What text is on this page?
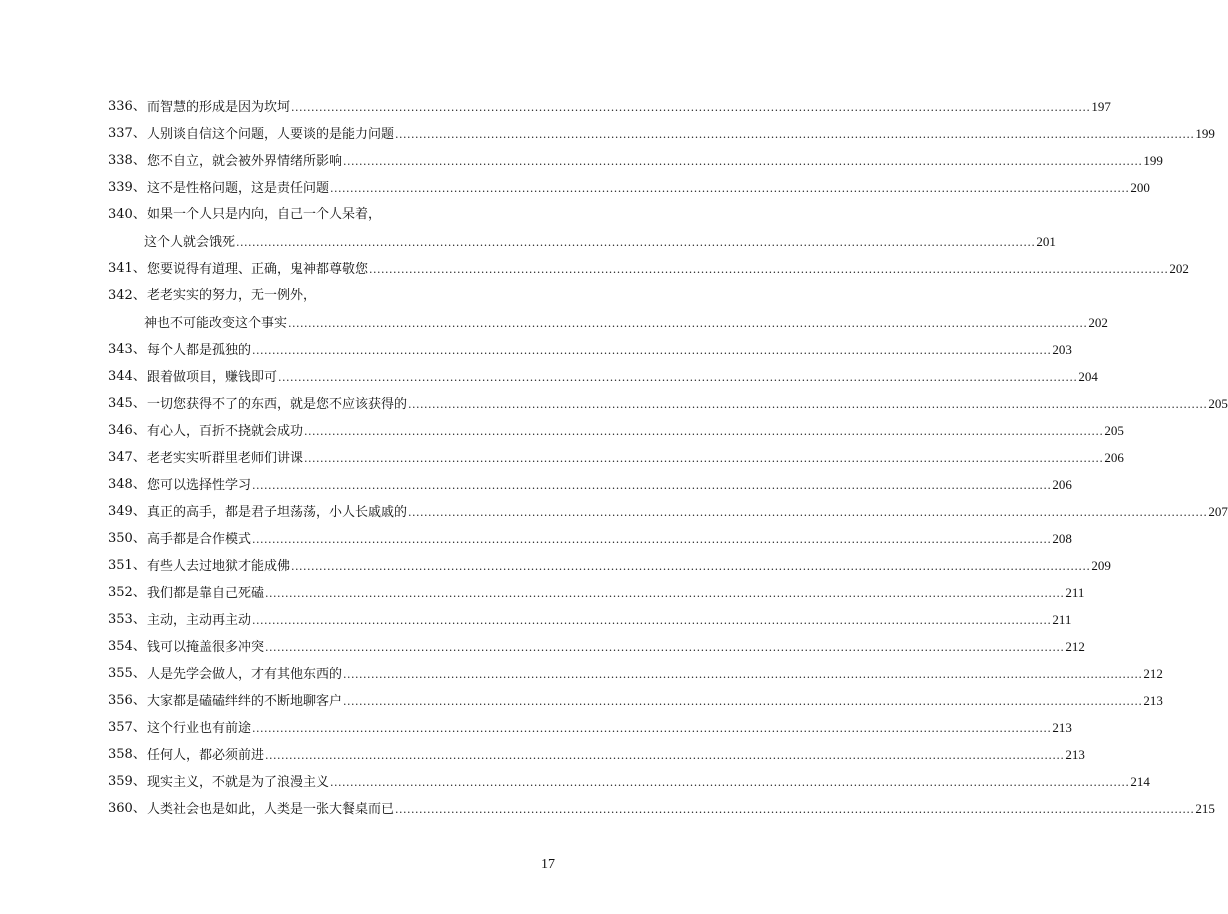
336、 而智慧的形成是因为坎坷 ........................................................................................................................................................................................................ 197
337、 人别谈自信这个问题，人要谈的是能力问题 ........................................................................................................................................................................................................ 199
338、 您不自立，就会被外界情绪所影响 ........................................................................................................................................................................................................ 199
339、 这不是性格问题，这是责任问题 ........................................................................................................................................................................................................ 200
340、 如果一个人只是内向，自己一个人呆着，
这个人就会饿死 ........................................................................................................................................................................................................ 201
341、 您要说得有道理、正确，鬼神都尊敬您 ........................................................................................................................................................................................................ 202
342、 老老实实的努力，无一例外，
神也不可能改变这个事实 ........................................................................................................................................................................................................ 202
343、 每个人都是孤独的 ........................................................................................................................................................................................................ 203
344、 跟着做项目，赚钱即可 ........................................................................................................................................................................................................ 204
345、 一切您获得不了的东西，就是您不应该获得的 ........................................................................................................................................................................................................ 205
346、 有心人，百折不挠就会成功 ........................................................................................................................................................................................................ 205
347、 老老实实听群里老师们讲课 ........................................................................................................................................................................................................ 206
348、 您可以选择性学习 ........................................................................................................................................................................................................ 206
349、 真正的高手，都是君子坦荡荡，小人长戚戚的 ........................................................................................................................................................................................................ 207
350、 高手都是合作模式 ........................................................................................................................................................................................................ 208
351、 有些人去过地狱才能成佛 ........................................................................................................................................................................................................ 209
352、 我们都是靠自己死磕 ........................................................................................................................................................................................................ 211
353、 主动，主动再主动 ........................................................................................................................................................................................................ 211
354、 钱可以掩盖很多冲突 ........................................................................................................................................................................................................ 212
355、 人是先学会做人，才有其他东西的 ........................................................................................................................................................................................................ 212
356、 大家都是磕磕绊绊的不断地聊客户 ........................................................................................................................................................................................................ 213
357、 这个行业也有前途 ........................................................................................................................................................................................................ 213
358、 任何人，都必须前进 ........................................................................................................................................................................................................ 213
359、 现实主义，不就是为了浪漫主义 ........................................................................................................................................................................................................ 214
360、 人类社会也是如此，人类是一张大餐桌而已 ........................................................................................................................................................................................................ 215
17
